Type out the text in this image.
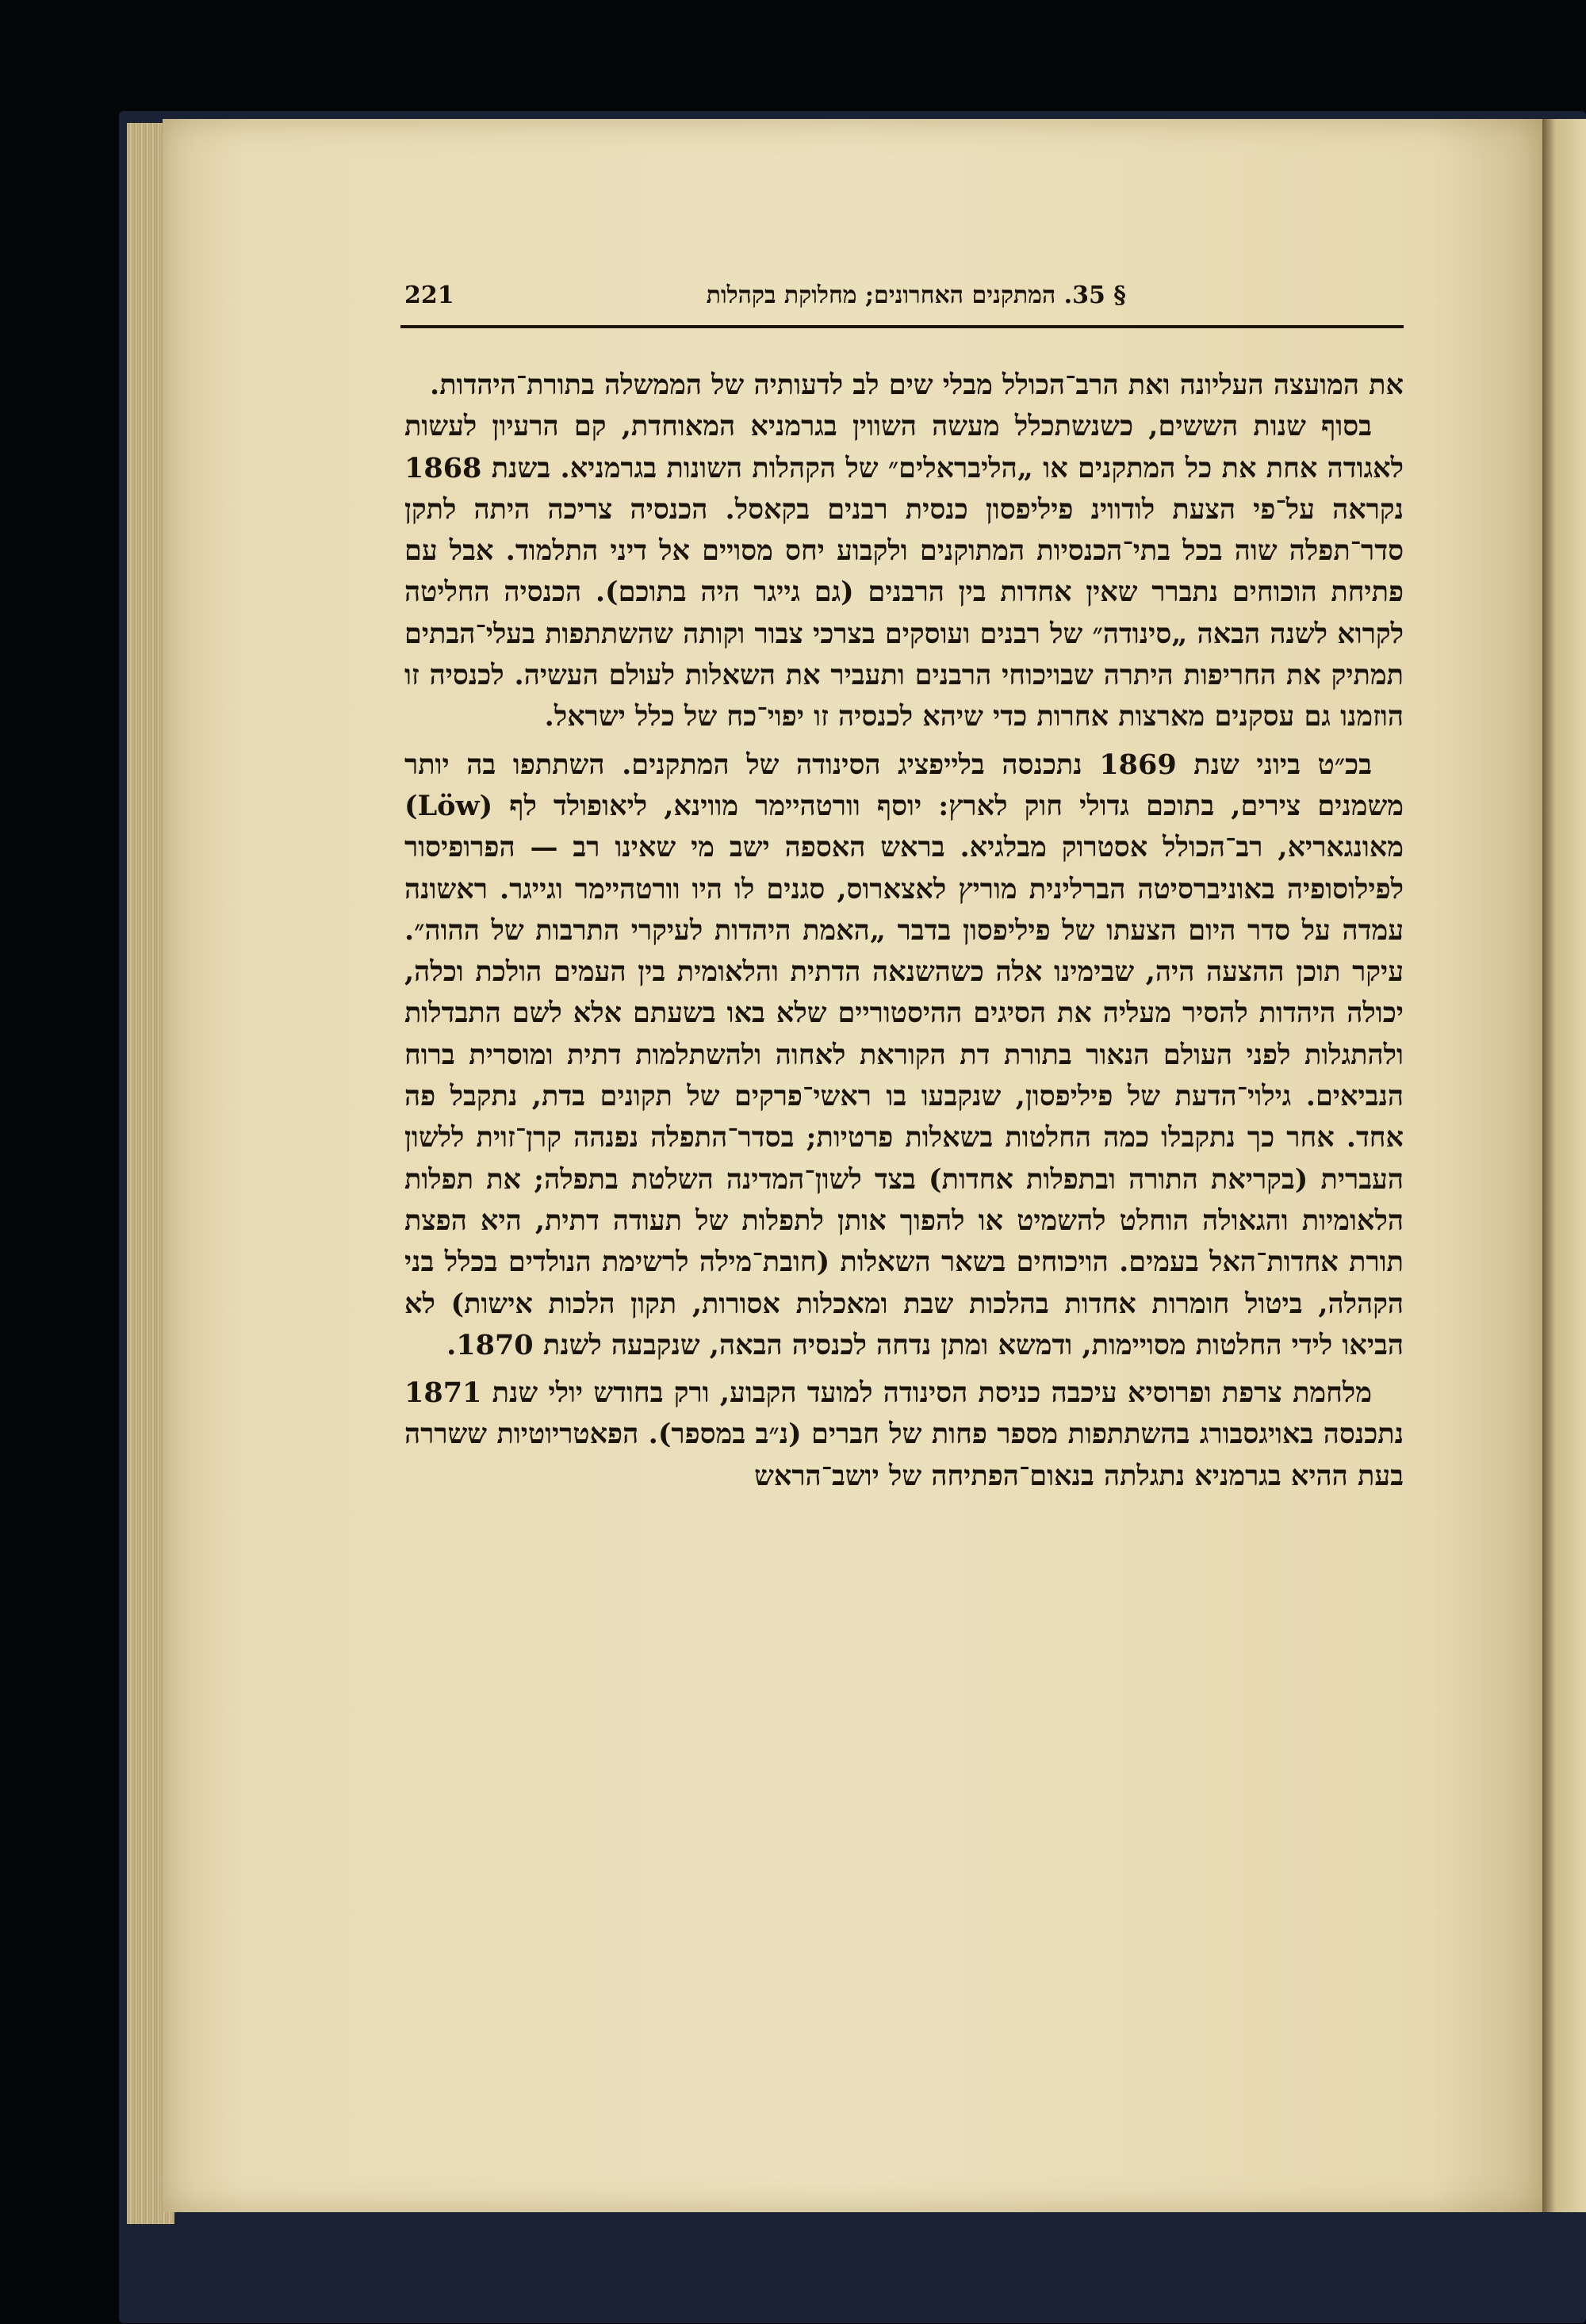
221	§ 35. המתקנים האחרונים; מחלוקת בקהלות

את המועצה העליונה ואת הרב־הכולל מבלי שים לב לדעותיה של הממשלה בתורת־היהדות.

בסוף שנות הששים, כשנשתכלל מעשה השווין בגרמניא המאוחדת, קם הרעיון לעשות לאגודה אחת את כל המתקנים או „הליבראלים״ של הקהלות השונות בגרמניא. בשנת 1868 נקראה על־פי הצעת לודווינ פיליפסון כנסית רבנים בקאסל. הכנסיה צריכה היתה לתקן סדר־תפלה שוה בכל בתי־הכנסיות המתוקנים ולקבוע יחס מסויים אל דיני התלמוד. אבל עם פתיחת הוכוחים נתברר שאין אחדות בין הרבנים (גם גייגר היה בתוכם). הכנסיה החליטה לקרוא לשנה הבאה „סינודה״ של רבנים ועוסקים בצרכי צבור וקותה שהשתתפות בעלי־הבתים תמתיק את החריפות היתרה שבויכוחי הרבנים ותעביר את השאלות לעולם העשיה. לכנסיה זו הוזמנו גם עסקנים מארצות אחרות כדי שיהא לכנסיה זו יפוי־כח של כלל ישראל.

בכ״ט ביוני שנת 1869 נתכנסה בלייפציג הסינודה של המתקנים. השתתפו בה יותר משמנים צירים, בתוכם גדולי חוק לארץ: יוסף וורטהיימר מווינא, ליאופולד לף (Löw) מאונגאריא, רב־הכולל אסטרוק מבלגיא. בראש האספה ישב מי שאינו רב — הפרופיסור לפילוסופיה באוניברסיטה הברלינית מוריץ לאצארוס, סגנים לו היו וורטהיימר וגייגר. ראשונה עמדה על סדר היום הצעתו של פיליפסון בדבר „האמת היהדות לעיקרי התרבות של ההוה״. עיקר תוכן ההצעה היה, שבימינו אלה כשהשנאה הדתית והלאומית בין העמים הולכת וכלה, יכולה היהדות להסיר מעליה את הסיגים ההיסטוריים שלא באו בשעתם אלא לשם התבדלות ולהתגלות לפני העולם הנאור בתורת דת הקוראת לאחוה ולהשתלמות דתית ומוסרית ברוח הנביאים. גילוי־הדעת של פיליפסון, שנקבעו בו ראשי־פרקים של תקונים בדת, נתקבל פה אחד. אחר כך נתקבלו כמה החלטות בשאלות פרטיות; בסדר־התפלה נפנהה קרן־זוית ללשון העברית (בקריאת התורה ובתפלות אחדות) בצד לשון־המדינה השלטת בתפלה; את תפלות הלאומיות והגאולה הוחלט להשמיט או להפוך אותן לתפלות של תעודה דתית, היא הפצת תורת אחדות־האל בעמים. הויכוחים בשאר השאלות (חובת־מילה לרשימת הנולדים בכלל בני הקהלה, ביטול חומרות אחדות בהלכות שבת ומאכלות אסורות, תקון הלכות אישות) לא הביאו לידי החלטות מסויימות, ודמשא ומתן נדחה לכנסיה הבאה, שנקבעה לשנת 1870.

מלחמת צרפת ופרוסיא עיכבה כניסת הסינודה למועד הקבוע, ורק בחודש יולי שנת 1871 נתכנסה באויגסבורג בהשתתפות מספר פחות של חברים (נ״ב במספר). הפאטריוטיות ששררה בעת ההיא בגרמניא נתגלתה בנאום־הפתיחה של יושב־הראש
